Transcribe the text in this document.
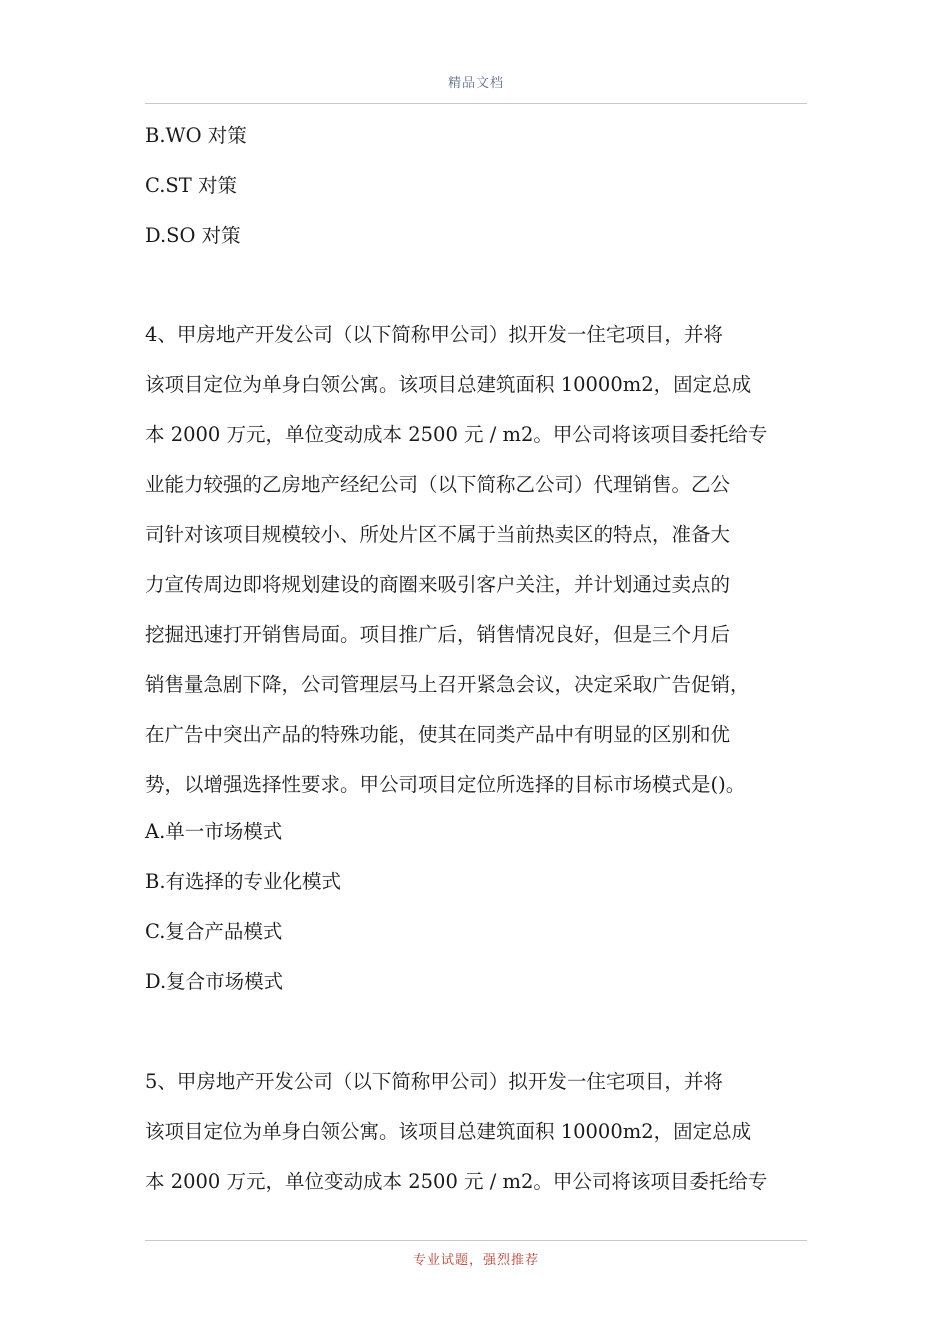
精品文档
B.WO 对策
C.ST 对策
D.SO 对策
4、甲房地产开发公司（以下简称甲公司）拟开发一住宅项目，并将
该项目定位为单身白领公寓。该项目总建筑面积 10000m2，固定总成
本 2000 万元，单位变动成本 2500 元 / m2。甲公司将该项目委托给专
业能力较强的乙房地产经纪公司（以下简称乙公司）代理销售。乙公
司针对该项目规模较小、所处片区不属于当前热卖区的特点，准备大
力宣传周边即将规划建设的商圈来吸引客户关注，并计划通过卖点的
挖掘迅速打开销售局面。项目推广后，销售情况良好，但是三个月后
销售量急剧下降，公司管理层马上召开紧急会议，决定采取广告促销，
在广告中突出产品的特殊功能，使其在同类产品中有明显的区别和优
势，以增强选择性要求。甲公司项目定位所选择的目标市场模式是()。
A.单一市场模式
B.有选择的专业化模式
C.复合产品模式
D.复合市场模式
5、甲房地产开发公司（以下简称甲公司）拟开发一住宅项目，并将
该项目定位为单身白领公寓。该项目总建筑面积 10000m2，固定总成
本 2000 万元，单位变动成本 2500 元 / m2。甲公司将该项目委托给专
专业试题，强烈推荐
